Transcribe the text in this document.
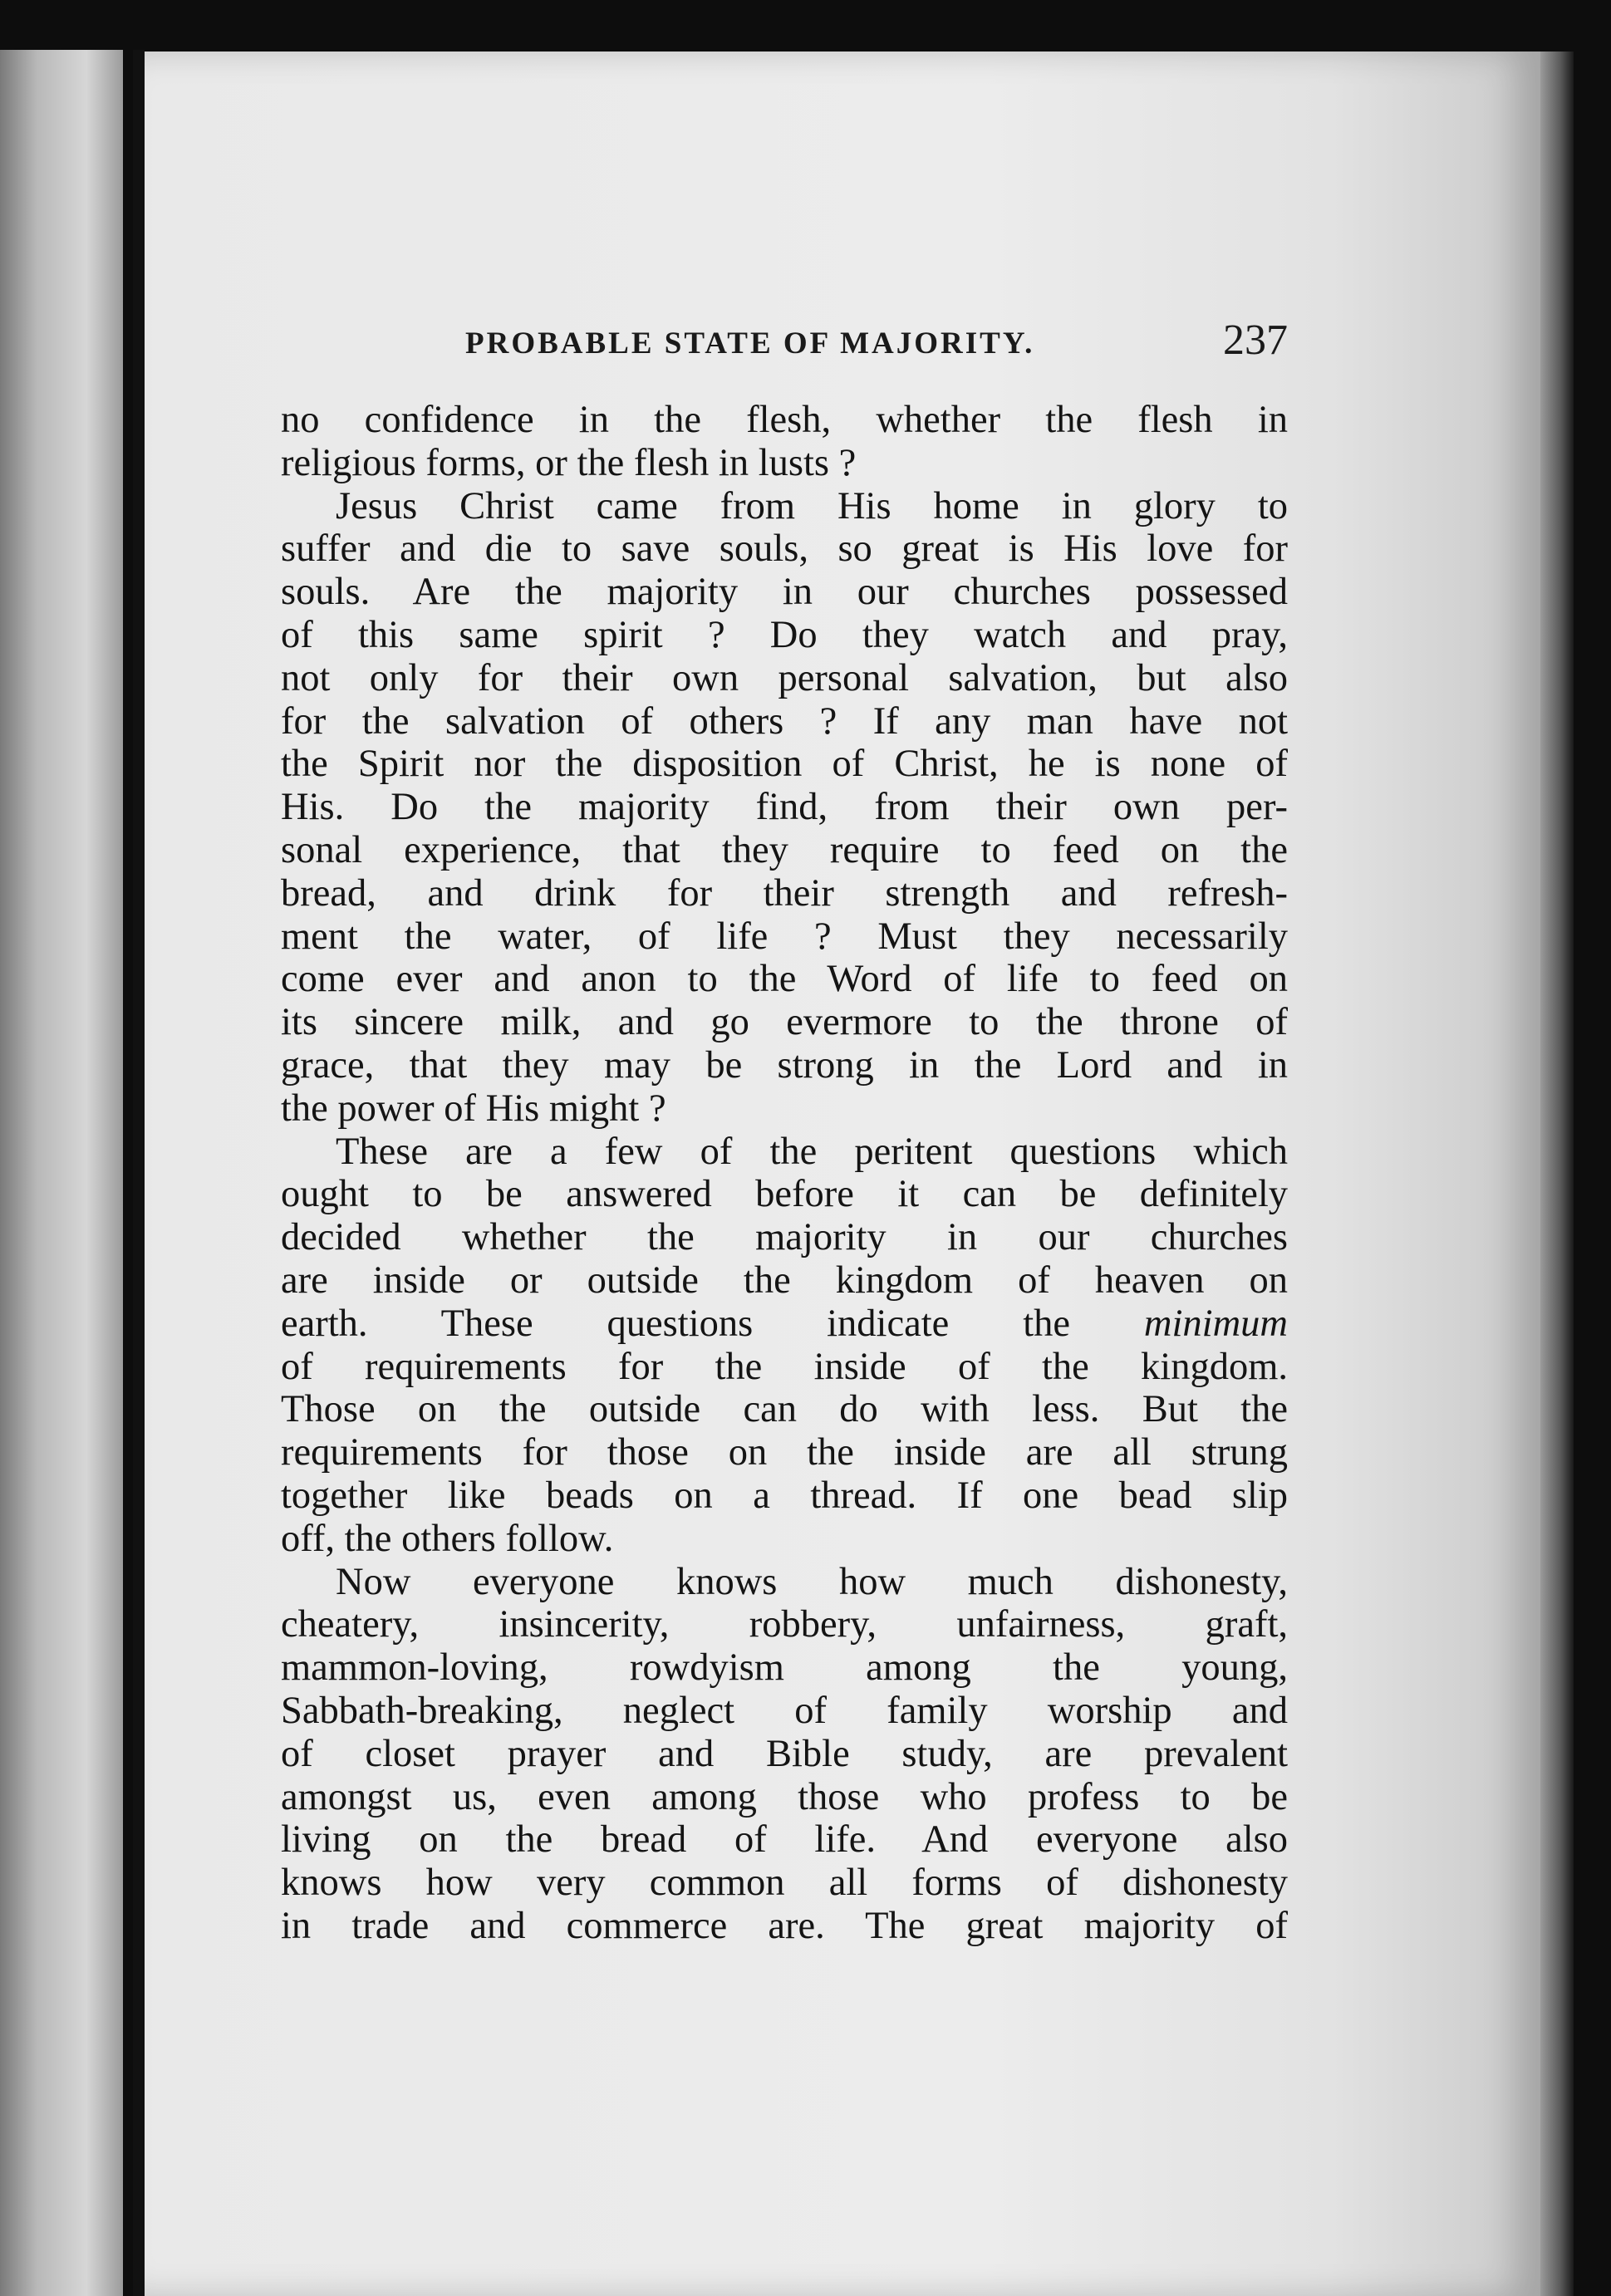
PROBABLE STATE OF MAJORITY.	237
no confidence in the flesh, whether the flesh in
religious forms, or the flesh in lusts ?
Jesus Christ came from His home in glory to
suffer and die to save souls, so great is His love for
souls. Are the majority in our churches possessed
of this same spirit ? Do they watch and pray,
not only for their own personal salvation, but also
for the salvation of others ? If any man have not
the Spirit nor the disposition of Christ, he is none of
His. Do the majority find, from their own per-
sonal experience, that they require to feed on the
bread, and drink for their strength and refresh-
ment the water, of life ? Must they necessarily
come ever and anon to the Word of life to feed on
its sincere milk, and go evermore to the throne of
grace, that they may be strong in the Lord and in
the power of His might ?
These are a few of the peritent questions which
ought to be answered before it can be definitely
decided whether the majority in our churches
are inside or outside the kingdom of heaven on
earth. These questions indicate the minimum
of requirements for the inside of the kingdom.
Those on the outside can do with less. But the
requirements for those on the inside are all strung
together like beads on a thread. If one bead slip
off, the others follow.
Now everyone knows how much dishonesty,
cheatery, insincerity, robbery, unfairness, graft,
mammon-loving, rowdyism among the young,
Sabbath-breaking, neglect of family worship and
of closet prayer and Bible study, are prevalent
amongst us, even among those who profess to be
living on the bread of life. And everyone also
knows how very common all forms of dishonesty
in trade and commerce are. The great majority of
